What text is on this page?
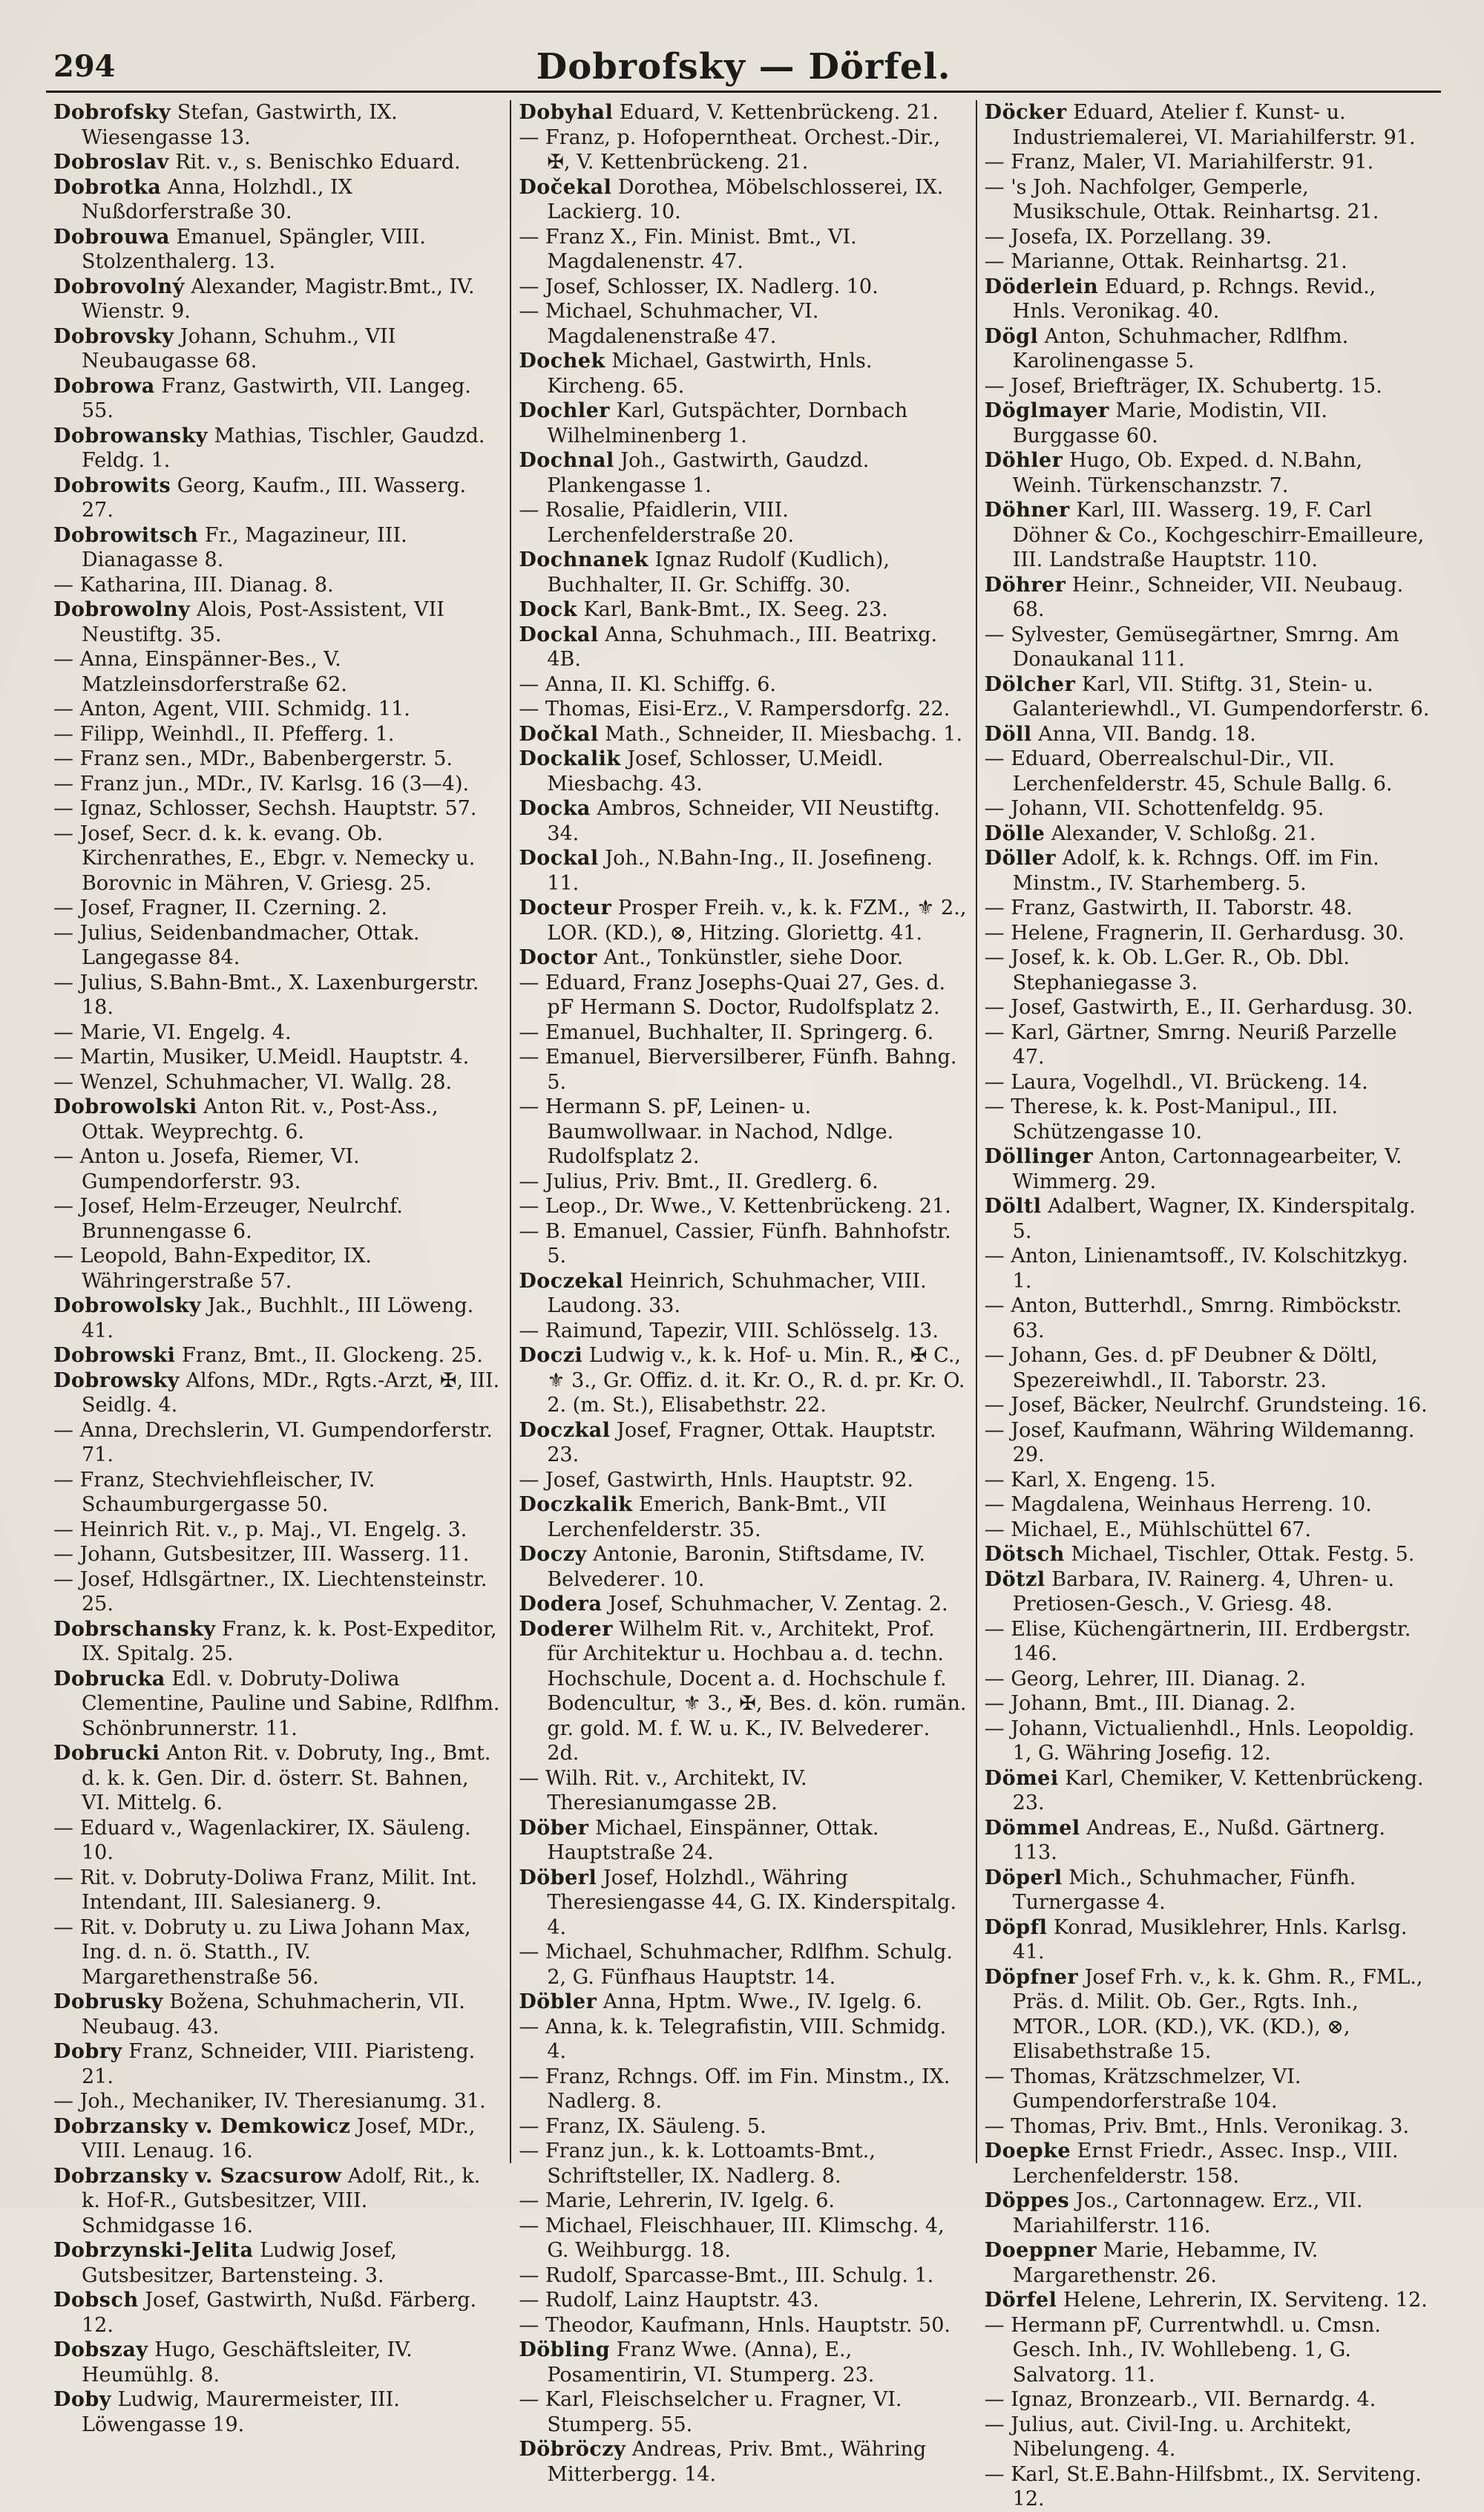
294	Dobrofsky — Dörfel.

Dobrofsky Stefan, Gastwirth, IX. Wiesengasse 13.

Dobroslav Rit. v., s. Benischko Eduard.

Dobrotka Anna, Holzhdl., IX Nußdorferstraße 30.

Dobrouwa Emanuel, Spängler, VIII. Stolzenthalerg. 13.

Dobrovolný Alexander, Magistr.Bmt., IV. Wienstr. 9.

Dobrovsky Johann, Schuhm., VII Neubaugasse 68.

Dobrowa Franz, Gastwirth, VII. Langeg. 55.

Dobrowansky Mathias, Tischler, Gaudzd. Feldg. 1.

Dobrowits Georg, Kaufm., III. Wasserg. 27.

Dobrowitsch Fr., Magazineur, III. Dianagasse 8.

— Katharina, III. Dianag. 8.

Dobrowolny Alois, Post-Assistent, VII Neustiftg. 35.

— Anna, Einspänner-Bes., V. Matzleinsdorferstraße 62.

— Anton, Agent, VIII. Schmidg. 11.

— Filipp, Weinhdl., II. Pfefferg. 1.

— Franz sen., MDr., Babenbergerstr. 5.

— Franz jun., MDr., IV. Karlsg. 16 (3—4).

— Ignaz, Schlosser, Sechsh. Hauptstr. 57.

— Josef, Secr. d. k. k. evang. Ob. Kirchenrathes, E., Ebgr. v. Nemecky u. Borovnic in Mähren, V. Griesg. 25.

— Josef, Fragner, II. Czerning. 2.

— Julius, Seidenbandmacher, Ottak. Langegasse 84.

— Julius, S.Bahn-Bmt., X. Laxenburgerstr. 18.

— Marie, VI. Engelg. 4.

— Martin, Musiker, U.Meidl. Hauptstr. 4.

— Wenzel, Schuhmacher, VI. Wallg. 28.

Dobrowolski Anton Rit. v., Post-Ass., Ottak. Weyprechtg. 6.

— Anton u. Josefa, Riemer, VI. Gumpendorferstr. 93.

— Josef, Helm-Erzeuger, Neulrchf. Brunnengasse 6.

— Leopold, Bahn-Expeditor, IX. Währingerstraße 57.

Dobrowolsky Jak., Buchhlt., III Löweng. 41.

Dobrowski Franz, Bmt., II. Glockeng. 25.

Dobrowsky Alfons, MDr., Rgts.-Arzt, ✠, III. Seidlg. 4.

— Anna, Drechslerin, VI. Gumpendorferstr. 71.

— Franz, Stechviehfleischer, IV. Schaumburgergasse 50.

— Heinrich Rit. v., p. Maj., VI. Engelg. 3.

— Johann, Gutsbesitzer, III. Wasserg. 11.

— Josef, Hdlsgärtner., IX. Liechtensteinstr. 25.

Dobrschansky Franz, k. k. Post-Expeditor, IX. Spitalg. 25.

Dobrucka Edl. v. Dobruty-Doliwa Clementine, Pauline und Sabine, Rdlfhm. Schönbrunnerstr. 11.

Dobrucki Anton Rit. v. Dobruty, Ing., Bmt. d. k. k. Gen. Dir. d. österr. St. Bahnen, VI. Mittelg. 6.

— Eduard v., Wagenlackirer, IX. Säuleng. 10.

— Rit. v. Dobruty-Doliwa Franz, Milit. Int. Intendant, III. Salesianerg. 9.

— Rit. v. Dobruty u. zu Liwa Johann Max, Ing. d. n. ö. Statth., IV. Margarethenstraße 56.

Dobrusky Božena, Schuhmacherin, VII. Neubaug. 43.

Dobry Franz, Schneider, VIII. Piaristeng. 21.

— Joh., Mechaniker, IV. Theresianumg. 31.

Dobrzansky v. Demkowicz Josef, MDr., VIII. Lenaug. 16.

Dobrzansky v. Szacsurow Adolf, Rit., k. k. Hof-R., Gutsbesitzer, VIII. Schmidgasse 16.

Dobrzynski-Jelita Ludwig Josef, Gutsbesitzer, Bartensteing. 3.

Dobsch Josef, Gastwirth, Nußd. Färberg. 12.

Dobszay Hugo, Geschäftsleiter, IV. Heumühlg. 8.

Doby Ludwig, Maurermeister, III. Löwengasse 19.

Dobyhal Eduard, V. Kettenbrückeng. 21.

— Franz, p. Hofoperntheat. Orchest.-Dir., ✠, V. Kettenbrückeng. 21.

Dočekal Dorothea, Möbelschlosserei, IX. Lackierg. 10.

— Franz X., Fin. Minist. Bmt., VI. Magdalenenstr. 47.

— Josef, Schlosser, IX. Nadlerg. 10.

— Michael, Schuhmacher, VI. Magdalenenstraße 47.

Dochek Michael, Gastwirth, Hnls. Kircheng. 65.

Dochler Karl, Gutspächter, Dornbach Wilhelminenberg 1.

Dochnal Joh., Gastwirth, Gaudzd. Plankengasse 1.

— Rosalie, Pfaidlerin, VIII. Lerchenfelderstraße 20.

Dochnanek Ignaz Rudolf (Kudlich), Buchhalter, II. Gr. Schiffg. 30.

Dock Karl, Bank-Bmt., IX. Seeg. 23.

Dockal Anna, Schuhmach., III. Beatrixg. 4B.

— Anna, II. Kl. Schiffg. 6.

— Thomas, Eisi-Erz., V. Rampersdorfg. 22.

Dočkal Math., Schneider, II. Miesbachg. 1.

Dockalik Josef, Schlosser, U.Meidl. Miesbachg. 43.

Docka Ambros, Schneider, VII Neustiftg. 34.

Dockal Joh., N.Bahn-Ing., II. Josefineng. 11.

Docteur Prosper Freih. v., k. k. FZM., ⚜ 2., LOR. (KD.), ⊗, Hitzing. Gloriettg. 41.

Doctor Ant., Tonkünstler, siehe Door.

— Eduard, Franz Josephs-Quai 27, Ges. d. pF Hermann S. Doctor, Rudolfsplatz 2.

— Emanuel, Buchhalter, II. Springerg. 6.

— Emanuel, Bierversilberer, Fünfh. Bahng. 5.

— Hermann S. pF, Leinen- u. Baumwollwaar. in Nachod, Ndlge. Rudolfsplatz 2.

— Julius, Priv. Bmt., II. Gredlerg. 6.

— Leop., Dr. Wwe., V. Kettenbrückeng. 21.

— B. Emanuel, Cassier, Fünfh. Bahnhofstr. 5.

Doczekal Heinrich, Schuhmacher, VIII. Laudong. 33.

— Raimund, Tapezir, VIII. Schlösselg. 13.

Doczi Ludwig v., k. k. Hof- u. Min. R., ✠ C., ⚜ 3., Gr. Offiz. d. it. Kr. O., R. d. pr. Kr. O. 2. (m. St.), Elisabethstr. 22.

Doczkal Josef, Fragner, Ottak. Hauptstr. 23.

— Josef, Gastwirth, Hnls. Hauptstr. 92.

Doczkalik Emerich, Bank-Bmt., VII Lerchenfelderstr. 35.

Doczy Antonie, Baronin, Stiftsdame, IV. Belvederег. 10.

Dodera Josef, Schuhmacher, V. Zentag. 2.

Doderer Wilhelm Rit. v., Architekt, Prof. für Architektur u. Hochbau a. d. techn. Hochschule, Docent a. d. Hochschule f. Bodencultur, ⚜ 3., ✠, Bes. d. kön. rumän. gr. gold. M. f. W. u. K., IV. Belvederег. 2d.

— Wilh. Rit. v., Architekt, IV. Theresianumgasse 2B.

Döber Michael, Einspänner, Ottak. Hauptstraße 24.

Döberl Josef, Holzhdl., Währing Theresiengasse 44, G. IX. Kinderspitalg. 4.

— Michael, Schuhmacher, Rdlfhm. Schulg. 2, G. Fünfhaus Hauptstr. 14.

Döbler Anna, Hptm. Wwe., IV. Igelg. 6.

— Anna, k. k. Telegrafistin, VIII. Schmidg. 4.

— Franz, Rchngs. Off. im Fin. Minstm., IX. Nadlerg. 8.

— Franz, IX. Säuleng. 5.

— Franz jun., k. k. Lottoamts-Bmt., Schriftsteller, IX. Nadlerg. 8.

— Marie, Lehrerin, IV. Igelg. 6.

— Michael, Fleischhauer, III. Klimschg. 4, G. Weihburgg. 18.

— Rudolf, Sparcasse-Bmt., III. Schulg. 1.

— Rudolf, Lainz Hauptstr. 43.

— Theodor, Kaufmann, Hnls. Hauptstr. 50.

Döbling Franz Wwe. (Anna), E., Posamentirin, VI. Stumperg. 23.

— Karl, Fleischselcher u. Fragner, VI. Stumperg. 55.

Döbröczy Andreas, Priv. Bmt., Währing Mitterbergg. 14.

Döcker Eduard, Atelier f. Kunst- u. Industriemalerei, VI. Mariahilferstr. 91.

— Franz, Maler, VI. Mariahilferstr. 91.

— 's Joh. Nachfolger, Gemperle, Musikschule, Ottak. Reinhartsg. 21.

— Josefa, IX. Porzellang. 39.

— Marianne, Ottak. Reinhartsg. 21.

Döderlein Eduard, p. Rchngs. Revid., Hnls. Veronikag. 40.

Dögl Anton, Schuhmacher, Rdlfhm. Karolinengasse 5.

— Josef, Briefträger, IX. Schubertg. 15.

Döglmayer Marie, Modistin, VII. Burggasse 60.

Döhler Hugo, Ob. Exped. d. N.Bahn, Weinh. Türkenschanzstr. 7.

Döhner Karl, III. Wasserg. 19, F. Carl Döhner & Co., Kochgeschirr-Emailleure, III. Landstraße Hauptstr. 110.

Döhrer Heinr., Schneider, VII. Neubaug. 68.

— Sylvester, Gemüsegärtner, Smrng. Am Donaukanal 111.

Dölcher Karl, VII. Stiftg. 31, Stein- u. Galanteriewhdl., VI. Gumpendorferstr. 6.

Döll Anna, VII. Bandg. 18.

— Eduard, Oberrealschul-Dir., VII. Lerchenfelderstr. 45, Schule Ballg. 6.

— Johann, VII. Schottenfeldg. 95.

Dölle Alexander, V. Schloßg. 21.

Döller Adolf, k. k. Rchngs. Off. im Fin. Minstm., IV. Starhemberg. 5.

— Franz, Gastwirth, II. Taborstr. 48.

— Helene, Fragnerin, II. Gerhardusg. 30.

— Josef, k. k. Ob. L.Ger. R., Ob. Dbl. Stephaniegasse 3.

— Josef, Gastwirth, E., II. Gerhardusg. 30.

— Karl, Gärtner, Smrng. Neuriß Parzelle 47.

— Laura, Vogelhdl., VI. Brückeng. 14.

— Therese, k. k. Post-Manipul., III. Schützengasse 10.

Döllinger Anton, Cartonnagearbeiter, V. Wimmerg. 29.

Döltl Adalbert, Wagner, IX. Kinderspitalg. 5.

— Anton, Linienamtsoff., IV. Kolschitzkyg. 1.

— Anton, Butterhdl., Smrng. Rimböckstr. 63.

— Johann, Ges. d. pF Deubner & Döltl, Spezereiwhdl., II. Taborstr. 23.

— Josef, Bäcker, Neulrchf. Grundsteing. 16.

— Josef, Kaufmann, Währing Wildemanng. 29.

— Karl, X. Engeng. 15.

— Magdalena, Weinhaus Herreng. 10.

— Michael, E., Mühlschüttel 67.

Dötsch Michael, Tischler, Ottak. Festg. 5.

Dötzl Barbara, IV. Rainerg. 4, Uhren- u. Pretiosen-Gesch., V. Griesg. 48.

— Elise, Küchengärtnerin, III. Erdbergstr. 146.

— Georg, Lehrer, III. Dianag. 2.

— Johann, Bmt., III. Dianag. 2.

— Johann, Victualienhdl., Hnls. Leopoldig. 1, G. Währing Josefig. 12.

Dömei Karl, Chemiker, V. Kettenbrückeng. 23.

Dömmel Andreas, E., Nußd. Gärtnerg. 113.

Döperl Mich., Schuhmacher, Fünfh. Turnergasse 4.

Döpfl Konrad, Musiklehrer, Hnls. Karlsg. 41.

Döpfner Josef Frh. v., k. k. Ghm. R., FML., Präs. d. Milit. Ob. Ger., Rgts. Inh., MTOR., LOR. (KD.), VK. (KD.), ⊗, Elisabethstraße 15.

— Thomas, Krätzschmelzer, VI. Gumpendorferstraße 104.

— Thomas, Priv. Bmt., Hnls. Veronikag. 3.

Doepke Ernst Friedr., Assec. Insp., VIII. Lerchenfelderstr. 158.

Döppes Jos., Cartonnagew. Erz., VII. Mariahilferstr. 116.

Doeppner Marie, Hebamme, IV. Margarethenstr. 26.

Dörfel Helene, Lehrerin, IX. Serviteng. 12.

— Hermann pF, Currentwhdl. u. Cmsn. Gesch. Inh., IV. Wohllebeng. 1, G. Salvatorg. 11.

— Ignaz, Bronzearb., VII. Bernardg. 4.

— Julius, aut. Civil-Ing. u. Architekt, Nibelungeng. 4.

— Karl, St.E.Bahn-Hilfsbmt., IX. Serviteng. 12.
